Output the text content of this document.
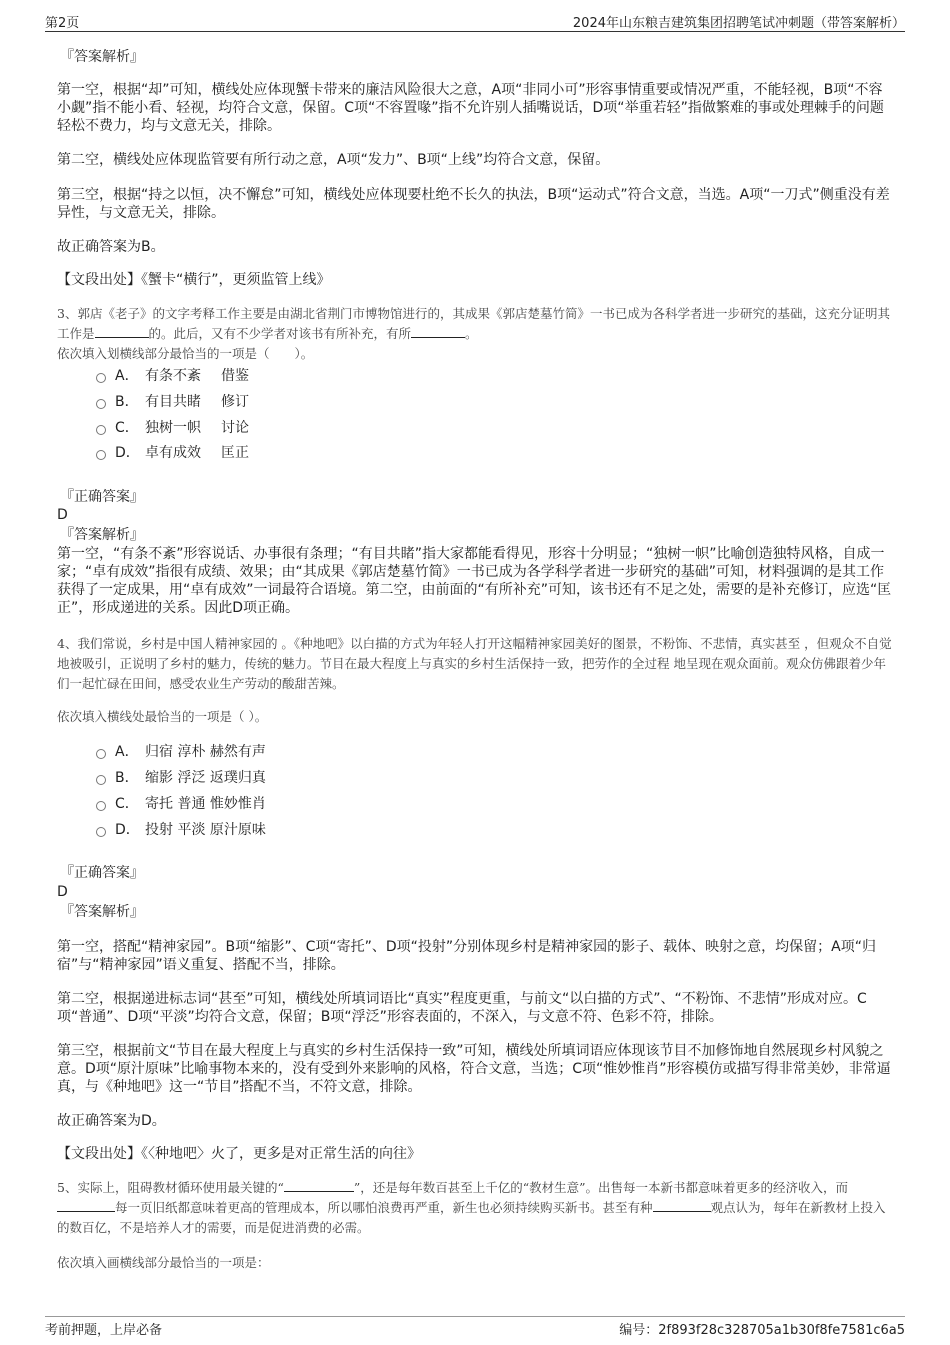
第2页	2024年山东粮吉建筑集团招聘笔试冲刺题（带答案解析）
『答案解析』
第一空，根据“却”可知，横线处应体现蟹卡带来的廉洁风险很大之意，A项“非同小可”形容事情重要或情况严重，不能轻视，B项“不容小觑”指不能小看、轻视，均符合文意，保留。C项“不容置喙”指不允许别人插嘴说话，D项“举重若轻”指做繁难的事或处理棘手的问题轻松不费力，均与文意无关，排除。
第二空，横线处应体现监管要有所行动之意，A项“发力”、B项“上线”均符合文意，保留。
第三空，根据“持之以恒，决不懈怠”可知，横线处应体现要杜绝不长久的执法，B项“运动式”符合文意，当选。A项“一刀式”侧重没有差异性，与文意无关，排除。
故正确答案为B。
【文段出处】《蟹卡“横行”，更须监管上线》
3、郭店《老子》的文字考释工作主要是由湖北省荆门市博物馆进行的，其成果《郭店楚墓竹简》一书已成为各科学者进一步研究的基础，这充分证明其工作是	的。此后，又有不少学者对该书有所补充，有所	。
依次填入划横线部分最恰当的一项是（　　）。
A． 有条不紊 借鉴
B． 有目共睹 修订
C． 独树一帜 讨论
D． 卓有成效 匡正
『正确答案』
D
『答案解析』
第一空，“有条不紊”形容说话、办事很有条理；“有目共睹”指大家都能看得见，形容十分明显；“独树一帜”比喻创造独特风格，自成一家；“卓有成效”指很有成绩、效果；由“其成果《郭店楚墓竹简》一书已成为各学科学者进一步研究的基础”可知，材料强调的是其工作获得了一定成果，用“卓有成效”一词最符合语境。第二空，由前面的“有所补充”可知，该书还有不足之处，需要的是补充修订，应选“匡正”，形成递进的关系。因此D项正确。
4、我们常说，乡村是中国人精神家园的 。《种地吧》以白描的方式为年轻人打开这幅精神家园美好的图景，不粉饰、不悲情，真实甚至 ，但观众不自觉地被吸引，正说明了乡村的魅力，传统的魅力。节目在最大程度上与真实的乡村生活保持一致，把劳作的全过程 地呈现在观众面前。观众仿佛跟着少年们一起忙碌在田间，感受农业生产劳动的酸甜苦辣。
依次填入横线处最恰当的一项是（ ）。
A． 归宿 淳朴 赫然有声
B． 缩影 浮泛 返璞归真
C． 寄托 普通 惟妙惟肖
D． 投射 平淡 原汁原味
『正确答案』
D
『答案解析』
第一空，搭配“精神家园”。B项“缩影”、C项“寄托”、D项“投射”分别体现乡村是精神家园的影子、载体、映射之意，均保留；A项“归宿”与“精神家园”语义重复、搭配不当，排除。
第二空，根据递进标志词“甚至”可知，横线处所填词语比“真实”程度更重，与前文“以白描的方式”、“不粉饰、不悲情”形成对应。C项“普通”、D项“平淡”均符合文意，保留；B项“浮泛”形容表面的，不深入，与文意不符、色彩不符，排除。
第三空，根据前文“节目在最大程度上与真实的乡村生活保持一致”可知，横线处所填词语应体现该节目不加修饰地自然展现乡村风貌之意。D项“原汁原味”比喻事物本来的，没有受到外来影响的风格，符合文意，当选；C项“惟妙惟肖”形容模仿或描写得非常美妙，非常逼真，与《种地吧》这一“节目”搭配不当，不符文意，排除。
故正确答案为D。
【文段出处】《〈种地吧〉火了，更多是对正常生活的向往》
5、实际上，阻碍教材循环使用最关键的“	”，还是每年数百甚至上千亿的“教材生意”。出售每一本新书都意味着更多的经济收入，而每一页旧纸都意味着更高的管理成本，所以哪怕浪费再严重，新生也必须持续购买新书。甚至有种	观点认为，每年在新教材上投入的数百亿，不是培养人才的需要，而是促进消费的必需。
依次填入画横线部分最恰当的一项是：
考前押题，上岸必备	编号：2f893f28c328705a1b30f8fe7581c6a5
